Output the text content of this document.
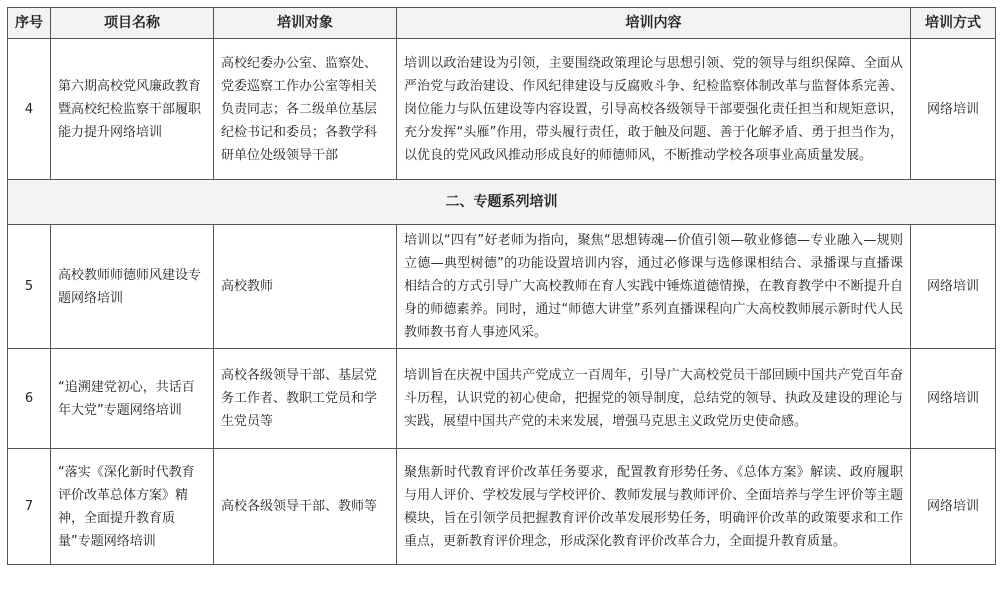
序号	项目名称	培训对象	培训内容	培训方式
4	第六期高校党风廉政教育暨高校纪检监察干部履职能力提升网络培训	高校纪委办公室、监察处、党委巡察工作办公室等相关负责同志；各二级单位基层纪检书记和委员；各教学科研单位处级领导干部	培训以政治建设为引领，主要围绕政策理论与思想引领、党的领导与组织保障、全面从严治党与政治建设、作风纪律建设与反腐败斗争、纪检监察体制改革与监督体系完善、岗位能力与队伍建设等内容设置，引导高校各级领导干部要强化责任担当和规矩意识，充分发挥“头雁”作用，带头履行责任，敢于触及问题、善于化解矛盾、勇于担当作为，以优良的党风政风推动形成良好的师德师风，不断推动学校各项事业高质量发展。	网络培训
二、专题系列培训				
5	高校教师师德师风建设专题网络培训	高校教师	培训以“四有”好老师为指向，聚焦“思想铸魂—价值引领—敬业修德—专业融入—规则立德—典型树德”的功能设置培训内容，通过必修课与选修课相结合、录播课与直播课相结合的方式引导广大高校教师在育人实践中锤炼道德情操，在教育教学中不断提升自身的师德素养。同时，通过“师德大讲堂”系列直播课程向广大高校教师展示新时代人民教师教书育人事迹风采。	网络培训
6	“追溯建党初心，共话百年大党”专题网络培训	高校各级领导干部、基层党务工作者、教职工党员和学生党员等	培训旨在庆祝中国共产党成立一百周年，引导广大高校党员干部回顾中国共产党百年奋斗历程，认识党的初心使命，把握党的领导制度，总结党的领导、执政及建设的理论与实践，展望中国共产党的未来发展，增强马克思主义政党历史使命感。	网络培训
7	“落实《深化新时代教育评价改革总体方案》精神，全面提升教育质量”专题网络培训	高校各级领导干部、教师等	聚焦新时代教育评价改革任务要求，配置教育形势任务、《总体方案》解读、政府履职与用人评价、学校发展与学校评价、教师发展与教师评价、全面培养与学生评价等主题模块，旨在引领学员把握教育评价改革发展形势任务，明确评价改革的政策要求和工作重点，更新教育评价理念，形成深化教育评价改革合力，全面提升教育质量。	网络培训
